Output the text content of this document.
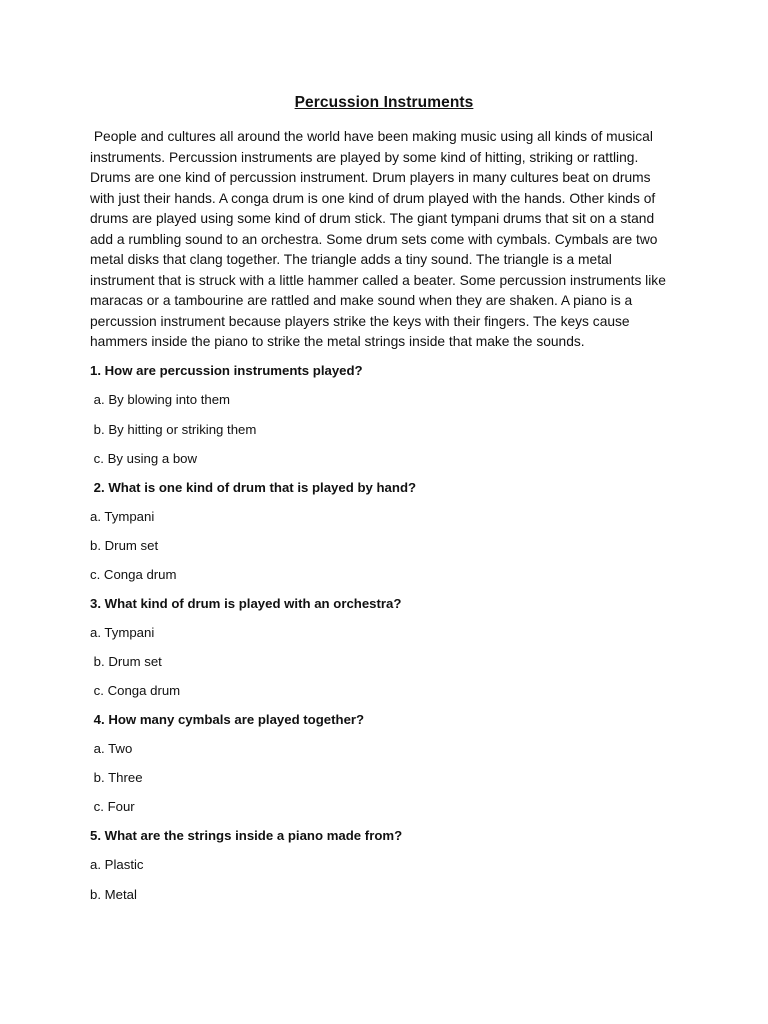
Percussion Instruments
People and cultures all around the world have been making music using all kinds of musical
instruments. Percussion instruments are played by some kind of hitting, striking or rattling.
Drums are one kind of percussion instrument. Drum players in many cultures beat on drums
with just their hands. A conga drum is one kind of drum played with the hands. Other kinds of
drums are played using some kind of drum stick. The giant tympani drums that sit on a stand
add a rumbling sound to an orchestra. Some drum sets come with cymbals. Cymbals are two
metal disks that clang together. The triangle adds a tiny sound. The triangle is a metal
instrument that is struck with a little hammer called a beater. Some percussion instruments like
maracas or a tambourine are rattled and make sound when they are shaken. A piano is a
percussion instrument because players strike the keys with their fingers. The keys cause
hammers inside the piano to strike the metal strings inside that make the sounds.
1. How are percussion instruments played?
a. By blowing into them
b. By hitting or striking them
c. By using a bow
2. What is one kind of drum that is played by hand?
a. Tympani
b. Drum set
c. Conga drum
3. What kind of drum is played with an orchestra?
a. Tympani
b. Drum set
c. Conga drum
4. How many cymbals are played together?
a. Two
b. Three
c. Four
5. What are the strings inside a piano made from?
a. Plastic
b. Metal
